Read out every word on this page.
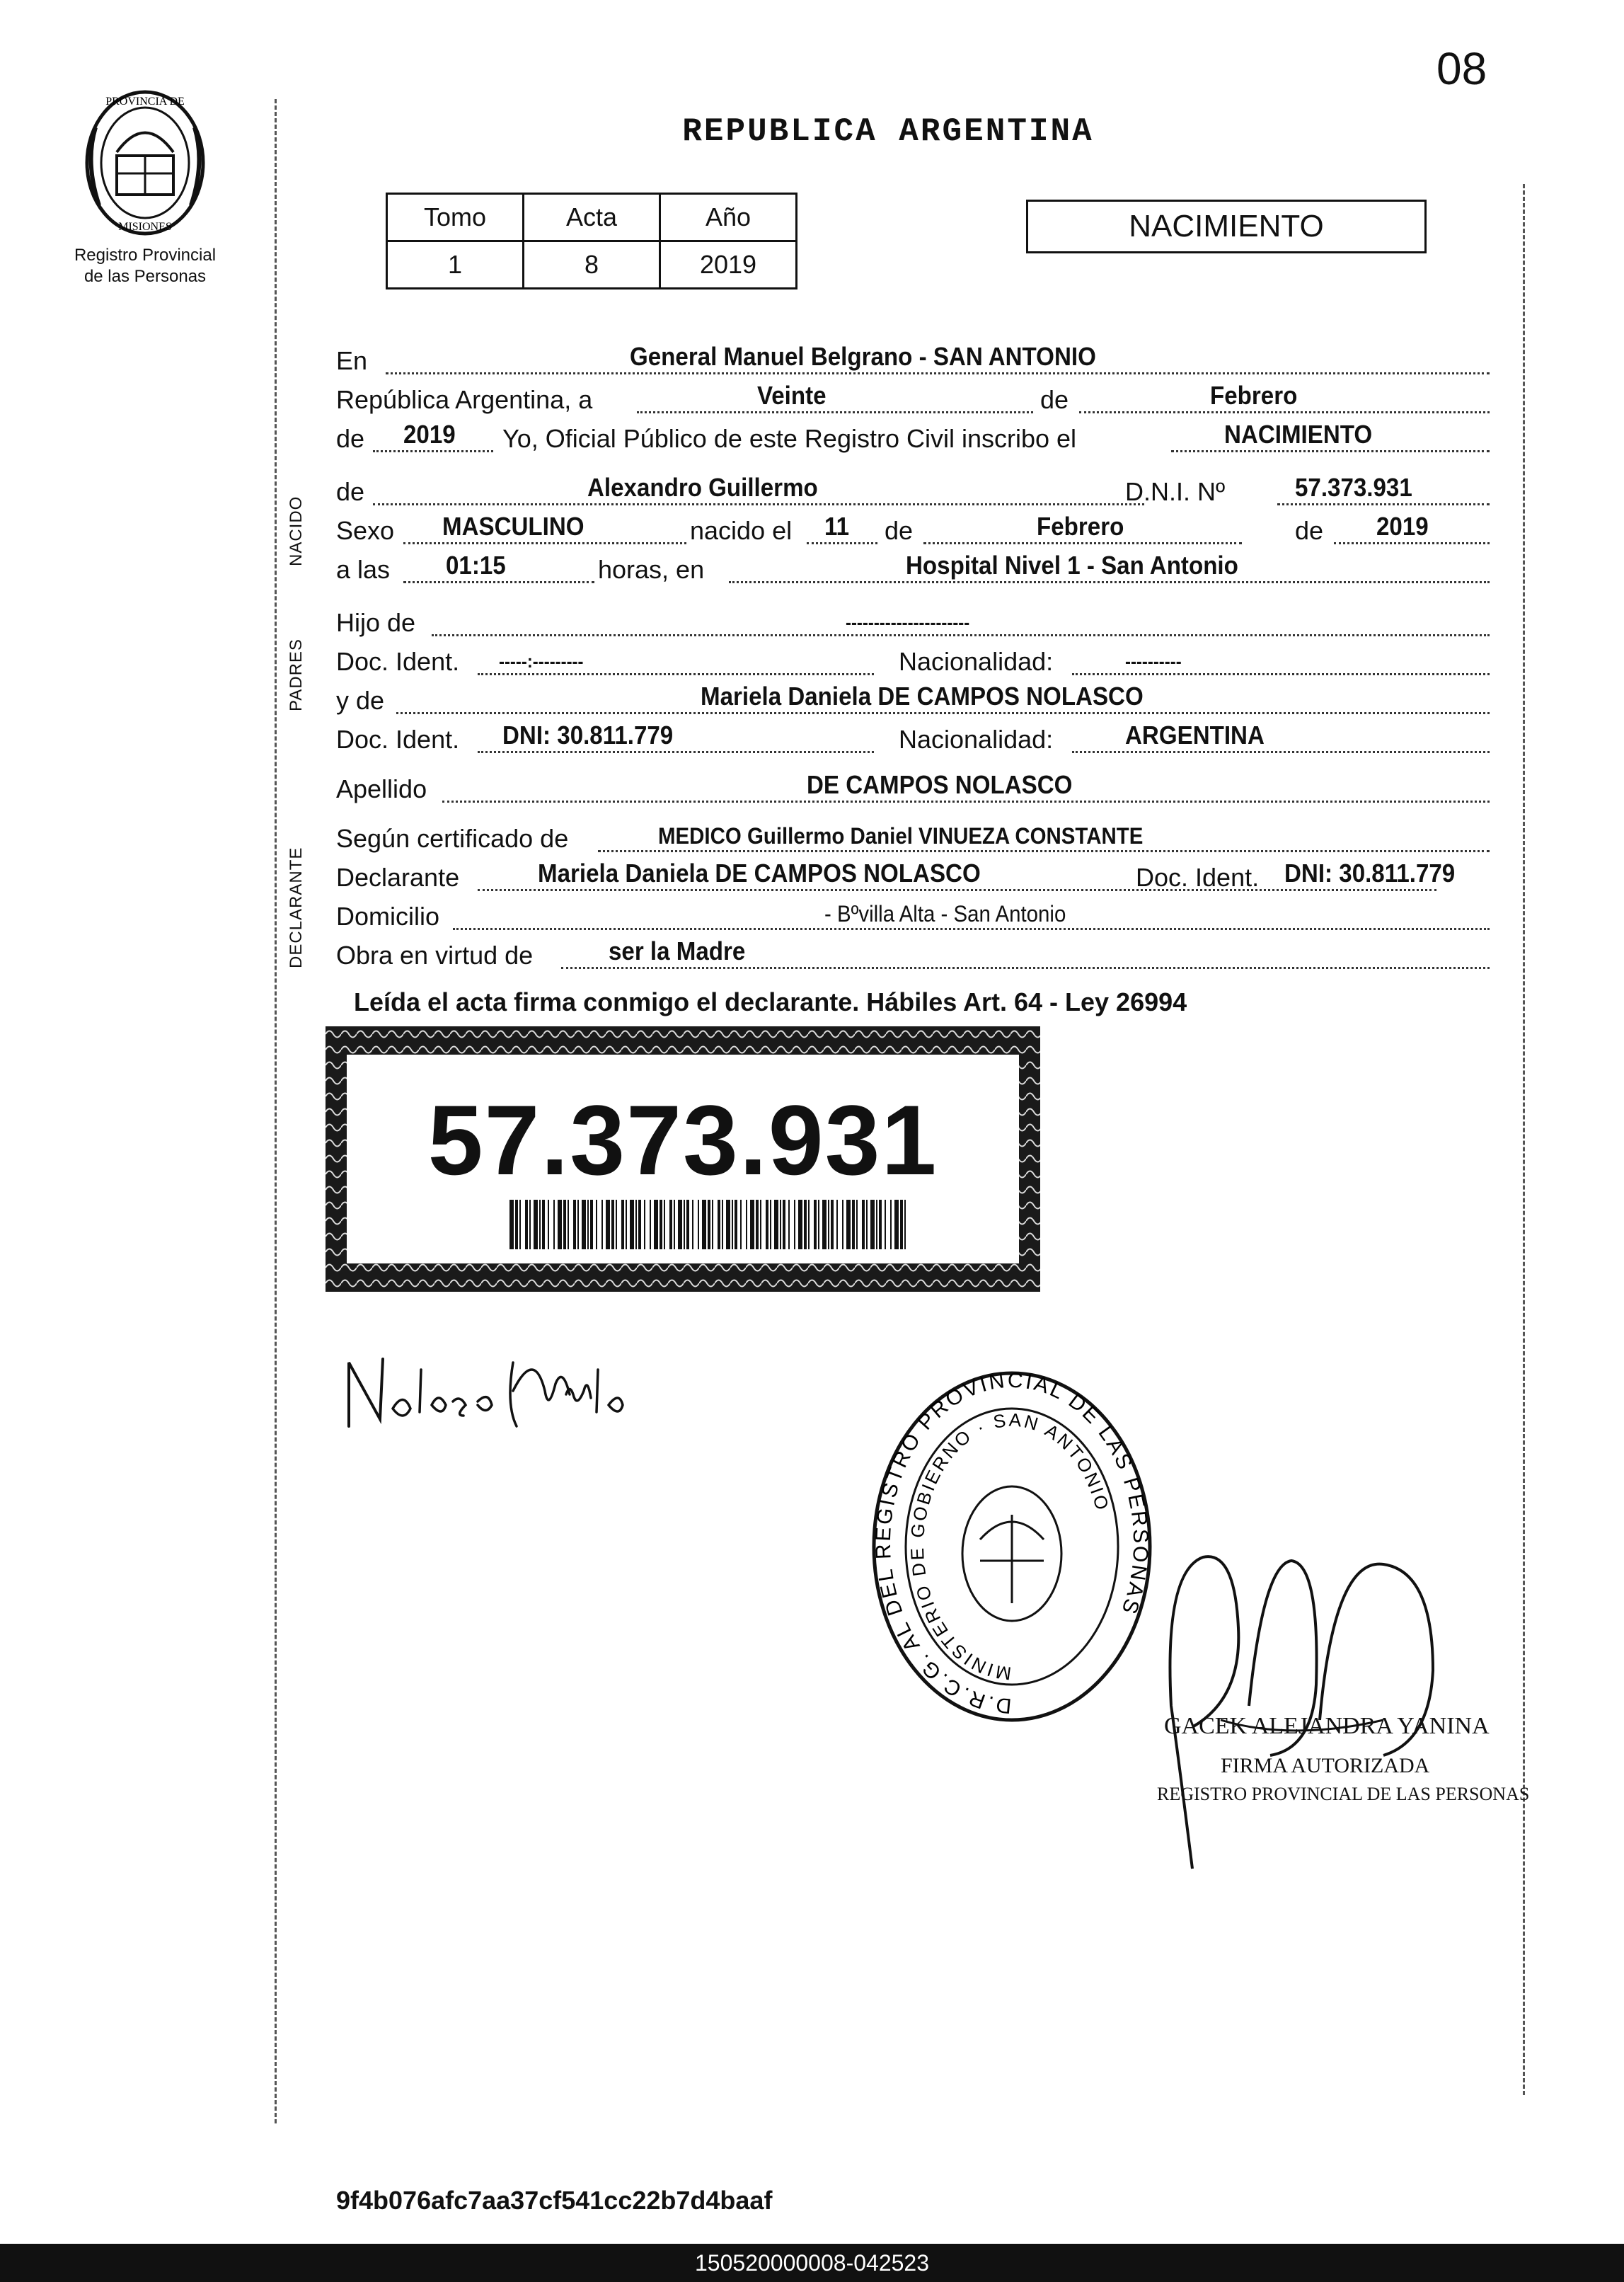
08
PROVINCIA DE
MISIONES
Registro Provincial
de las Personas
REPUBLICA ARGENTINA
Tomo	Acta	Año
1	8	2019
NACIMIENTO
NACIDO
PADRES
DECLARANTE
En	General Manuel Belgrano - SAN ANTONIO
República Argentina, a	Veinte	de	Febrero
de 2019 Yo, Oficial Público de este Registro Civil inscribo el	NACIMIENTO
de	Alexandro Guillermo	D.N.I. Nº	57.373.931
Sexo MASCULINO	nacido el 11 de	Febrero	de 2019
a las 01:15	horas, en	Hospital Nivel 1 - San Antonio
Hijo de	----------------------
Doc. Ident. -----:---------	Nacionalidad:	----------
y de	Mariela Daniela DE CAMPOS NOLASCO
Doc. Ident. DNI: 30.811.779	Nacionalidad:	ARGENTINA
Apellido	DE CAMPOS NOLASCO
Según certificado de	MEDICO Guillermo Daniel VINUEZA CONSTANTE
Declarante	Mariela Daniela DE CAMPOS NOLASCO	Doc. Ident. DNI: 30.811.779
Domicilio	- Bºvilla Alta - San Antonio
Obra en virtud de	ser la Madre
Leída el acta firma conmigo el declarante. Hábiles Art. 64 - Ley 26994
57.373.931
D.R.C.G. AL DEL REGISTRO PROVINCIAL DE LAS PERSONAS
MINISTERIO DE GOBIERNO · SAN ANTONIO
GACEK ALEJANDRA YANINA
FIRMA AUTORIZADA
REGISTRO PROVINCIAL DE LAS PERSONAS
9f4b076afc7aa37cf541cc22b7d4baaf
150520000008-042523
